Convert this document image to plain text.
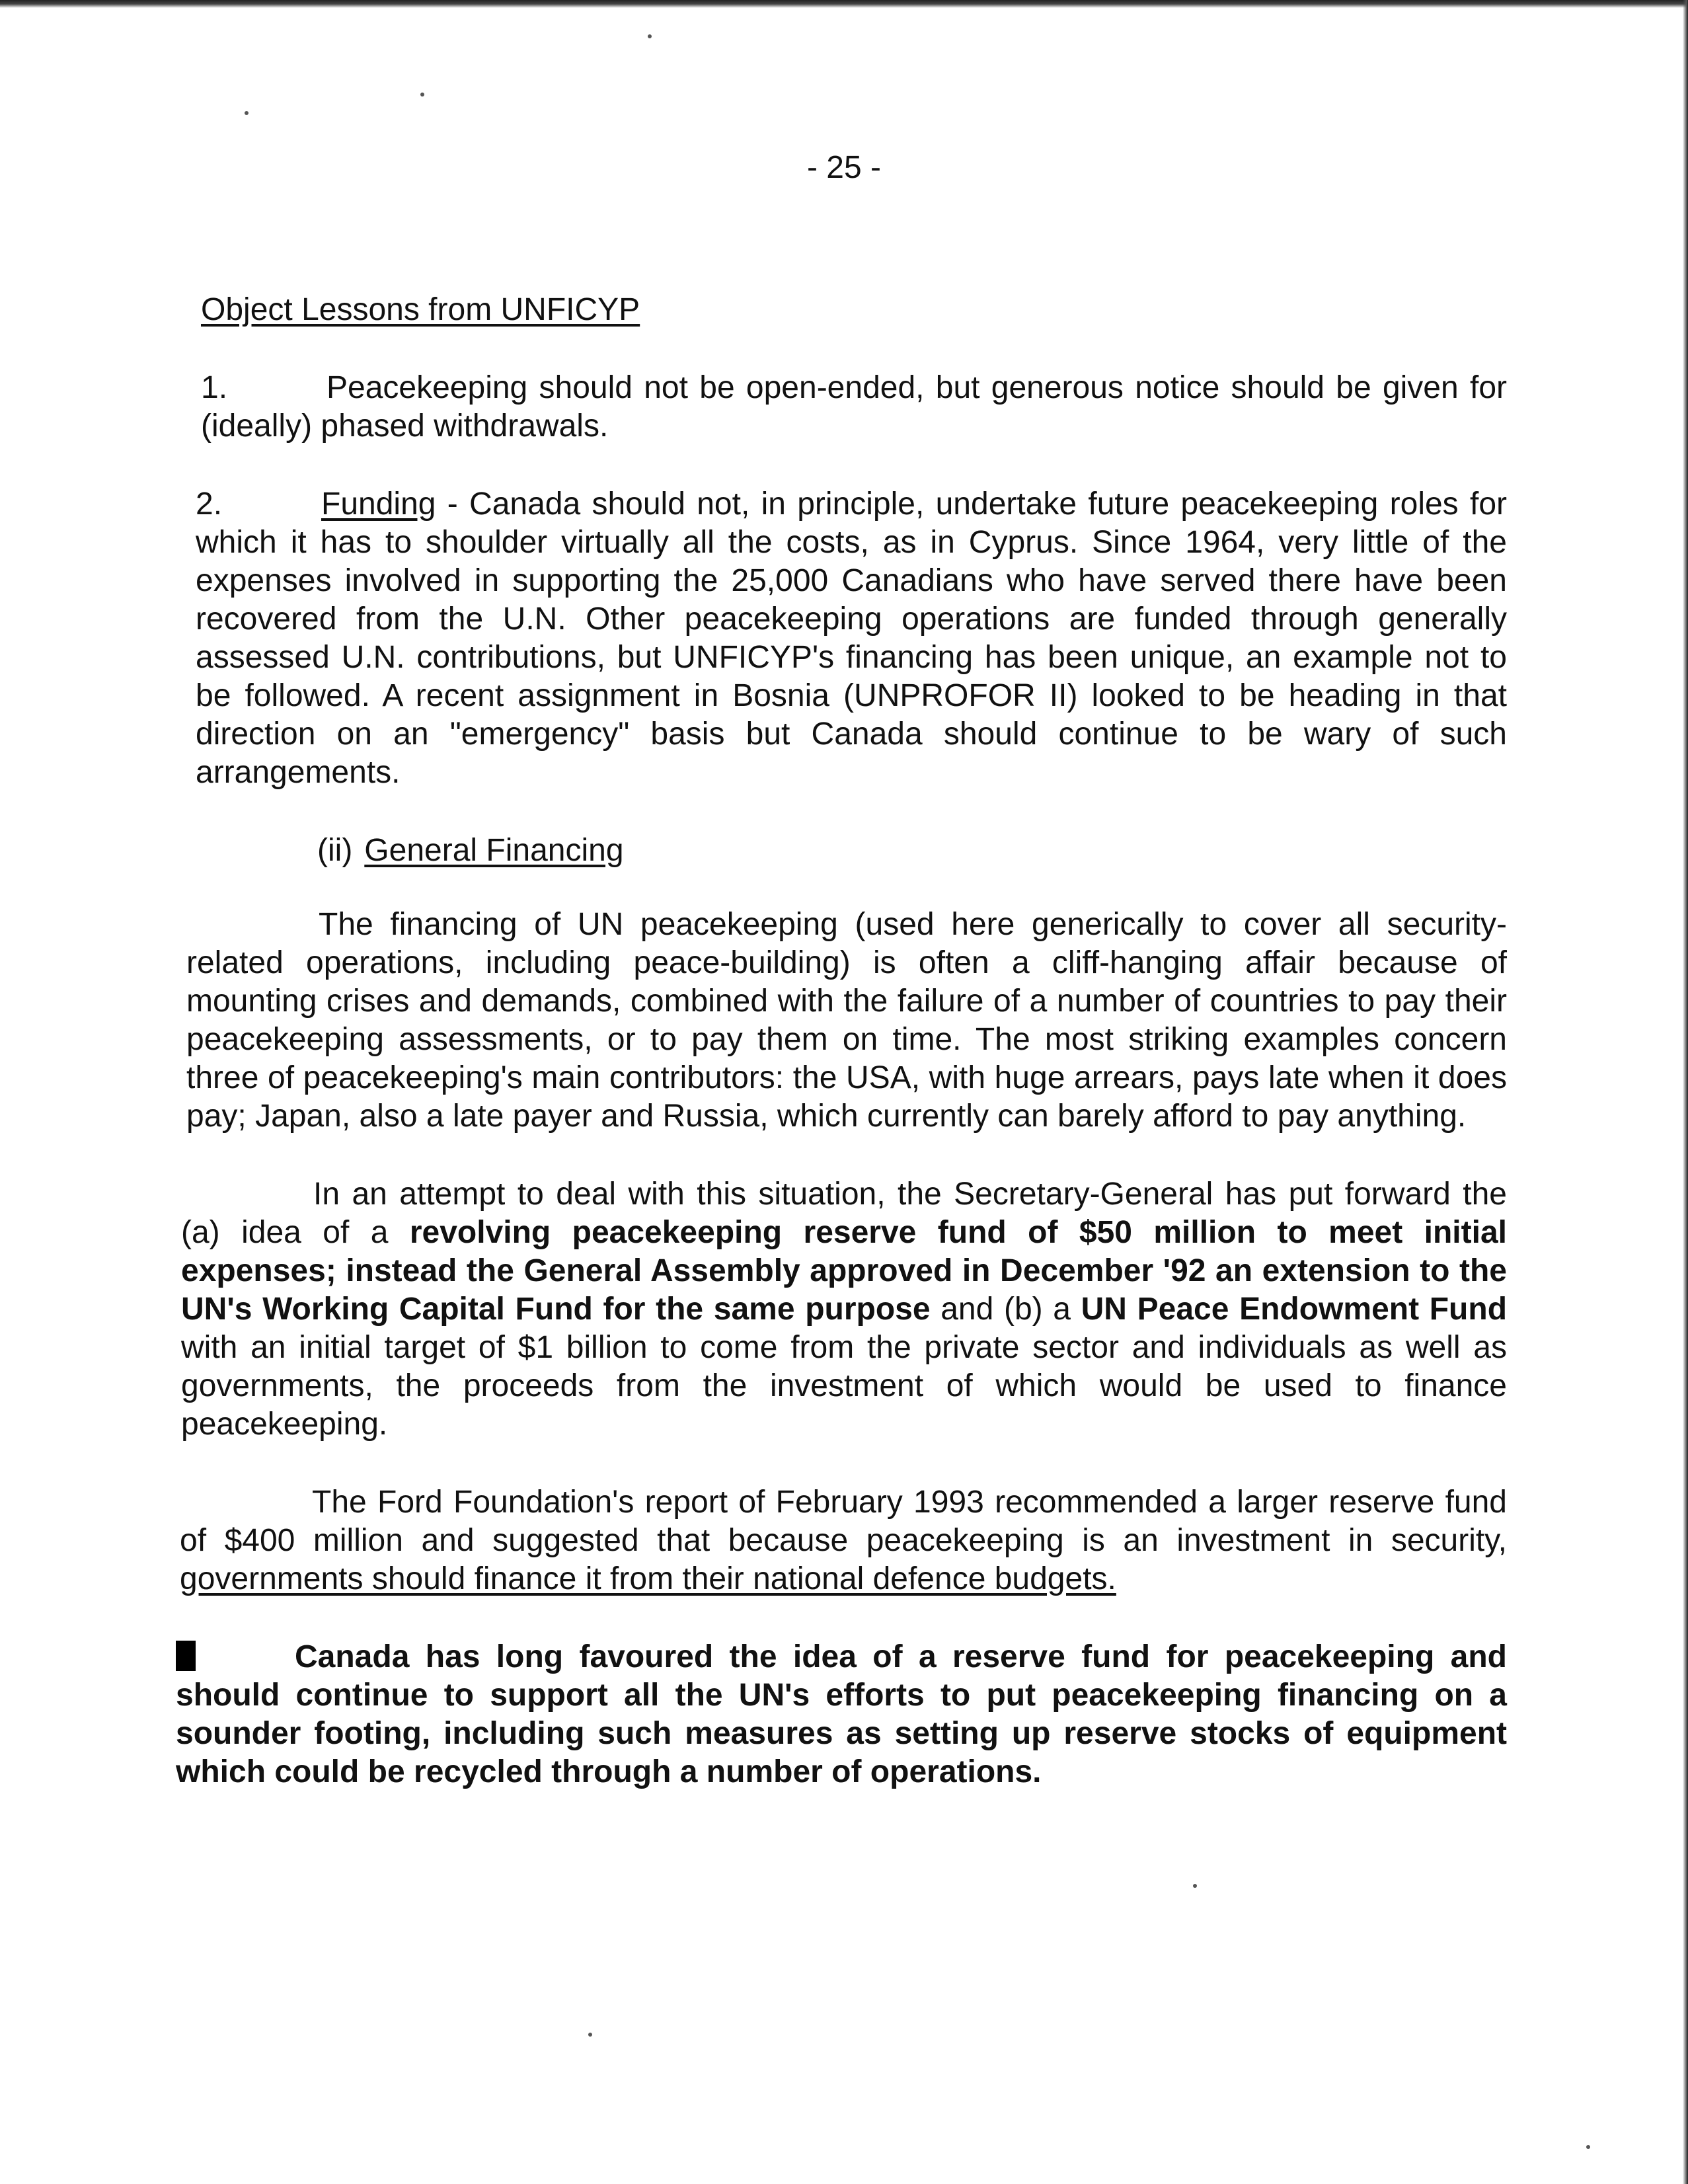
- 25 -

Object Lessons from UNFICYP

1.	Peacekeeping should not be open-ended, but generous notice should be given for (ideally) phased withdrawals.

2.	Funding - Canada should not, in principle, undertake future peacekeeping roles for which it has to shoulder virtually all the costs, as in Cyprus. Since 1964, very little of the expenses involved in supporting the 25,000 Canadians who have served there have been recovered from the U.N. Other peacekeeping operations are funded through generally assessed U.N. contributions, but UNFICYP's financing has been unique, an example not to be followed. A recent assignment in Bosnia (UNPROFOR II) looked to be heading in that direction on an "emergency" basis but Canada should continue to be wary of such arrangements.

(ii) General Financing

The financing of UN peacekeeping (used here generically to cover all security-related operations, including peace-building) is often a cliff-hanging affair because of mounting crises and demands, combined with the failure of a number of countries to pay their peacekeeping assessments, or to pay them on time. The most striking examples concern three of peacekeeping's main contributors: the USA, with huge arrears, pays late when it does pay; Japan, also a late payer and Russia, which currently can barely afford to pay anything.

In an attempt to deal with this situation, the Secretary-General has put forward the (a) idea of a revolving peacekeeping reserve fund of $50 million to meet initial expenses; instead the General Assembly approved in December '92 an extension to the UN's Working Capital Fund for the same purpose and (b) a UN Peace Endowment Fund with an initial target of $1 billion to come from the private sector and individuals as well as governments, the proceeds from the investment of which would be used to finance peacekeeping.

The Ford Foundation's report of February 1993 recommended a larger reserve fund of $400 million and suggested that because peacekeeping is an investment in security, governments should finance it from their national defence budgets.

Canada has long favoured the idea of a reserve fund for peacekeeping and should continue to support all the UN's efforts to put peacekeeping financing on a sounder footing, including such measures as setting up reserve stocks of equipment which could be recycled through a number of operations.
